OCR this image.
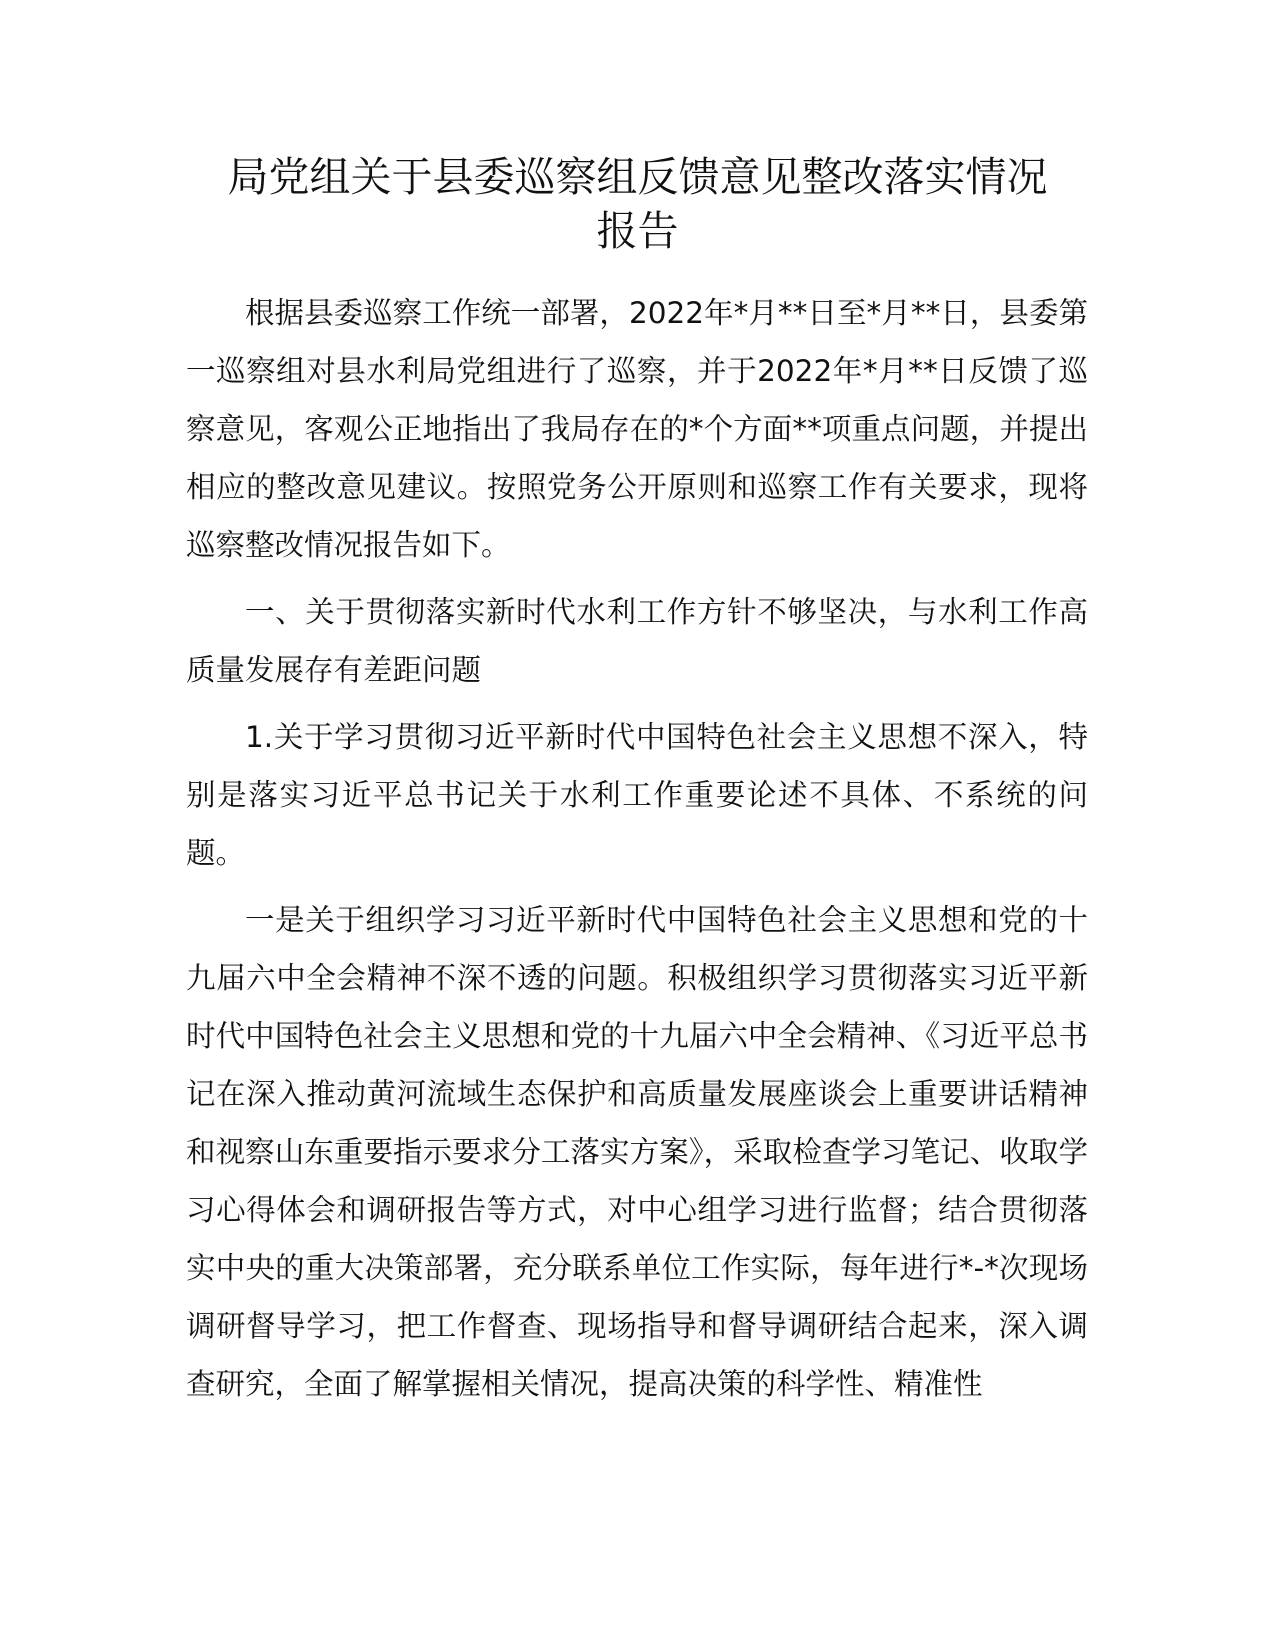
局党组关于县委巡察组反馈意见整改落实情况
报告

根据县委巡察工作统一部署，2022年*月**日至*月**日，县委第一巡察组对县水利局党组进行了巡察，并于2022年*月**日反馈了巡察意见，客观公正地指出了我局存在的*个方面**项重点问题，并提出相应的整改意见建议。按照党务公开原则和巡察工作有关要求，现将巡察整改情况报告如下。

一、关于贯彻落实新时代水利工作方针不够坚决，与水利工作高质量发展存有差距问题

1.关于学习贯彻习近平新时代中国特色社会主义思想不深入，特别是落实习近平总书记关于水利工作重要论述不具体、不系统的问题。

一是关于组织学习习近平新时代中国特色社会主义思想和党的十九届六中全会精神不深不透的问题。积极组织学习贯彻落实习近平新时代中国特色社会主义思想和党的十九届六中全会精神、《习近平总书记在深入推动黄河流域生态保护和高质量发展座谈会上重要讲话精神和视察山东重要指示要求分工落实方案》，采取检查学习笔记、收取学习心得体会和调研报告等方式，对中心组学习进行监督；结合贯彻落实中央的重大决策部署，充分联系单位工作实际，每年进行*-*次现场调研督导学习，把工作督查、现场指导和督导调研结合起来，深入调查研究，全面了解掌握相关情况，提高决策的科学性、精准性
